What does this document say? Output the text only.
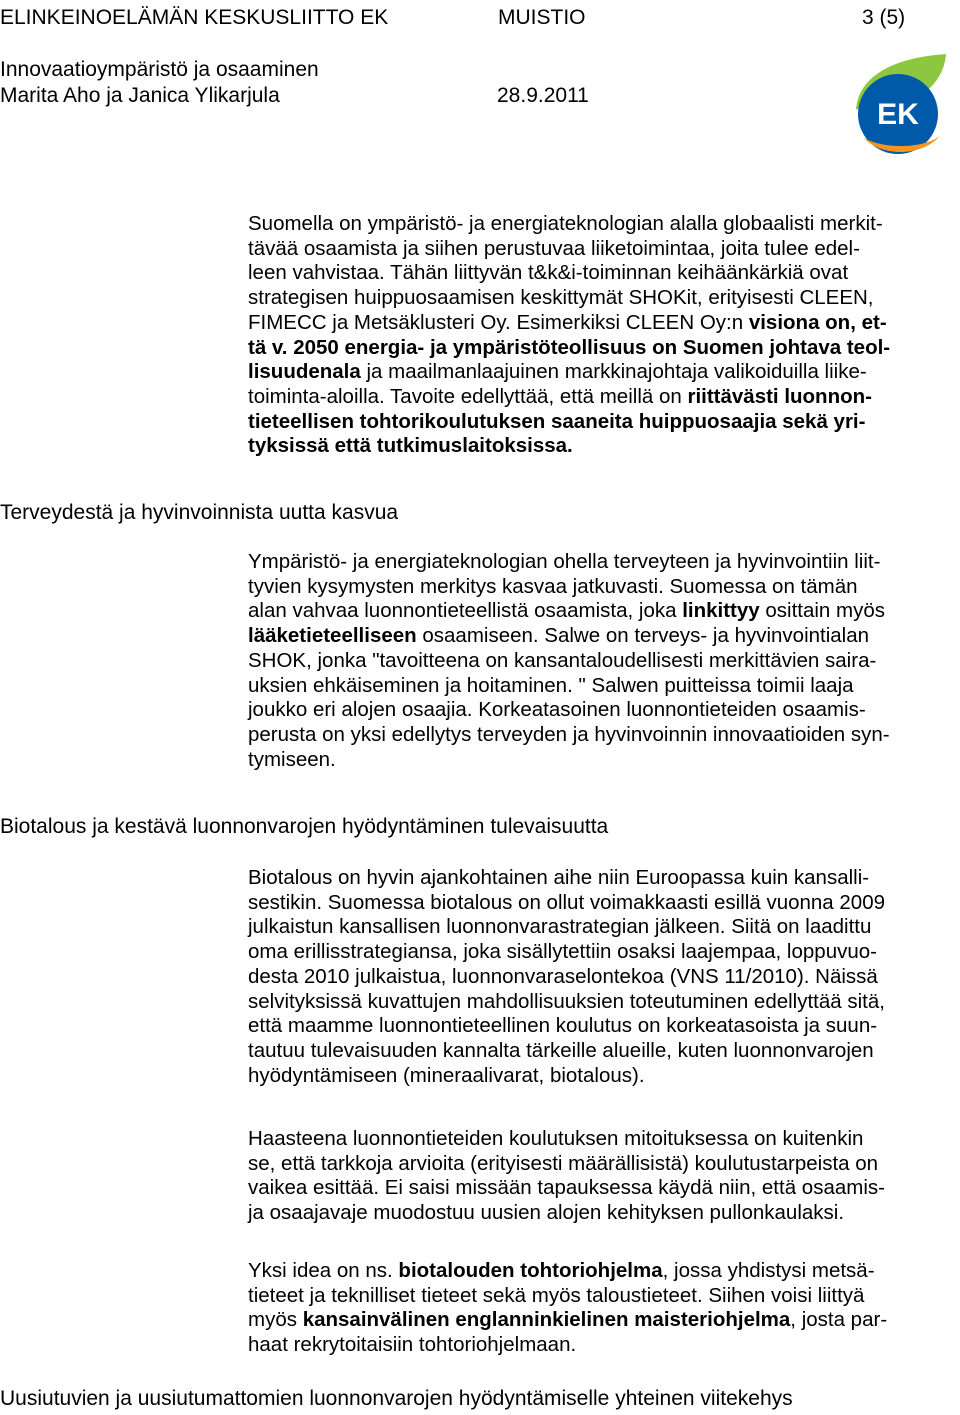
ELINKEINOELÄMÄN KESKUSLIITTO EK	MUISTIO	3 (5)
Innovaatioympäristö ja osaaminen
Marita Aho ja Janica Ylikarjula	28.9.2011
EK
Suomella on ympäristö- ja energiateknologian alalla globaalisti merkit-
tävää osaamista ja siihen perustuvaa liiketoimintaa, joita tulee edel-
leen vahvistaa. Tähän liittyvän t&k&i-toiminnan keihäänkärkiä ovat
strategisen huippuosaamisen keskittymät SHOKit, erityisesti CLEEN,
FIMECC ja Metsäklusteri Oy. Esimerkiksi CLEEN Oy:n visiona on, et-
tä v. 2050 energia- ja ympäristöteollisuus on Suomen johtava teol-
lisuudenala ja maailmanlaajuinen markkinajohtaja valikoiduilla liike-
toiminta-aloilla. Tavoite edellyttää, että meillä on riittävästi luonnon-
tieteellisen tohtorikoulutuksen saaneita huippuosaajia sekä yri-
tyksissä että tutkimuslaitoksissa.
Terveydestä ja hyvinvoinnista uutta kasvua
Ympäristö- ja energiateknologian ohella terveyteen ja hyvinvointiin liit-
tyvien kysymysten merkitys kasvaa jatkuvasti. Suomessa on tämän
alan vahvaa luonnontieteellistä osaamista, joka linkittyy osittain myös
lääketieteelliseen osaamiseen. Salwe on terveys- ja hyvinvointialan
SHOK, jonka "tavoitteena on kansantaloudellisesti merkittävien saira-
uksien ehkäiseminen ja hoitaminen. " Salwen puitteissa toimii laaja
joukko eri alojen osaajia. Korkeatasoinen luonnontieteiden osaamis-
perusta on yksi edellytys terveyden ja hyvinvoinnin innovaatioiden syn-
tymiseen.
Biotalous ja kestävä luonnonvarojen hyödyntäminen tulevaisuutta
Biotalous on hyvin ajankohtainen aihe niin Euroopassa kuin kansalli-
sestikin. Suomessa biotalous on ollut voimakkaasti esillä vuonna 2009
julkaistun kansallisen luonnonvarastrategian jälkeen. Siitä on laadittu
oma erillisstrategiansa, joka sisällytettiin osaksi laajempaa, loppuvuo-
desta 2010 julkaistua, luonnonvaraselontekoa (VNS 11/2010). Näissä
selvityksissä kuvattujen mahdollisuuksien toteutuminen edellyttää sitä,
että maamme luonnontieteellinen koulutus on korkeatasoista ja suun-
tautuu tulevaisuuden kannalta tärkeille alueille, kuten luonnonvarojen
hyödyntämiseen (mineraalivarat, biotalous).
Haasteena luonnontieteiden koulutuksen mitoituksessa on kuitenkin
se, että tarkkoja arvioita (erityisesti määrällisistä) koulutustarpeista on
vaikea esittää. Ei saisi missään tapauksessa käydä niin, että osaamis-
ja osaajavaje muodostuu uusien alojen kehityksen pullonkaulaksi.
Yksi idea on ns. biotalouden tohtoriohjelma, jossa yhdistysi metsä-
tieteet ja teknilliset tieteet sekä myös taloustieteet. Siihen voisi liittyä
myös kansainvälinen englanninkielinen maisteriohjelma, josta par-
haat rekrytoitaisiin tohtoriohjelmaan.
Uusiutuvien ja uusiutumattomien luonnonvarojen hyödyntämiselle yhteinen viitekehys
